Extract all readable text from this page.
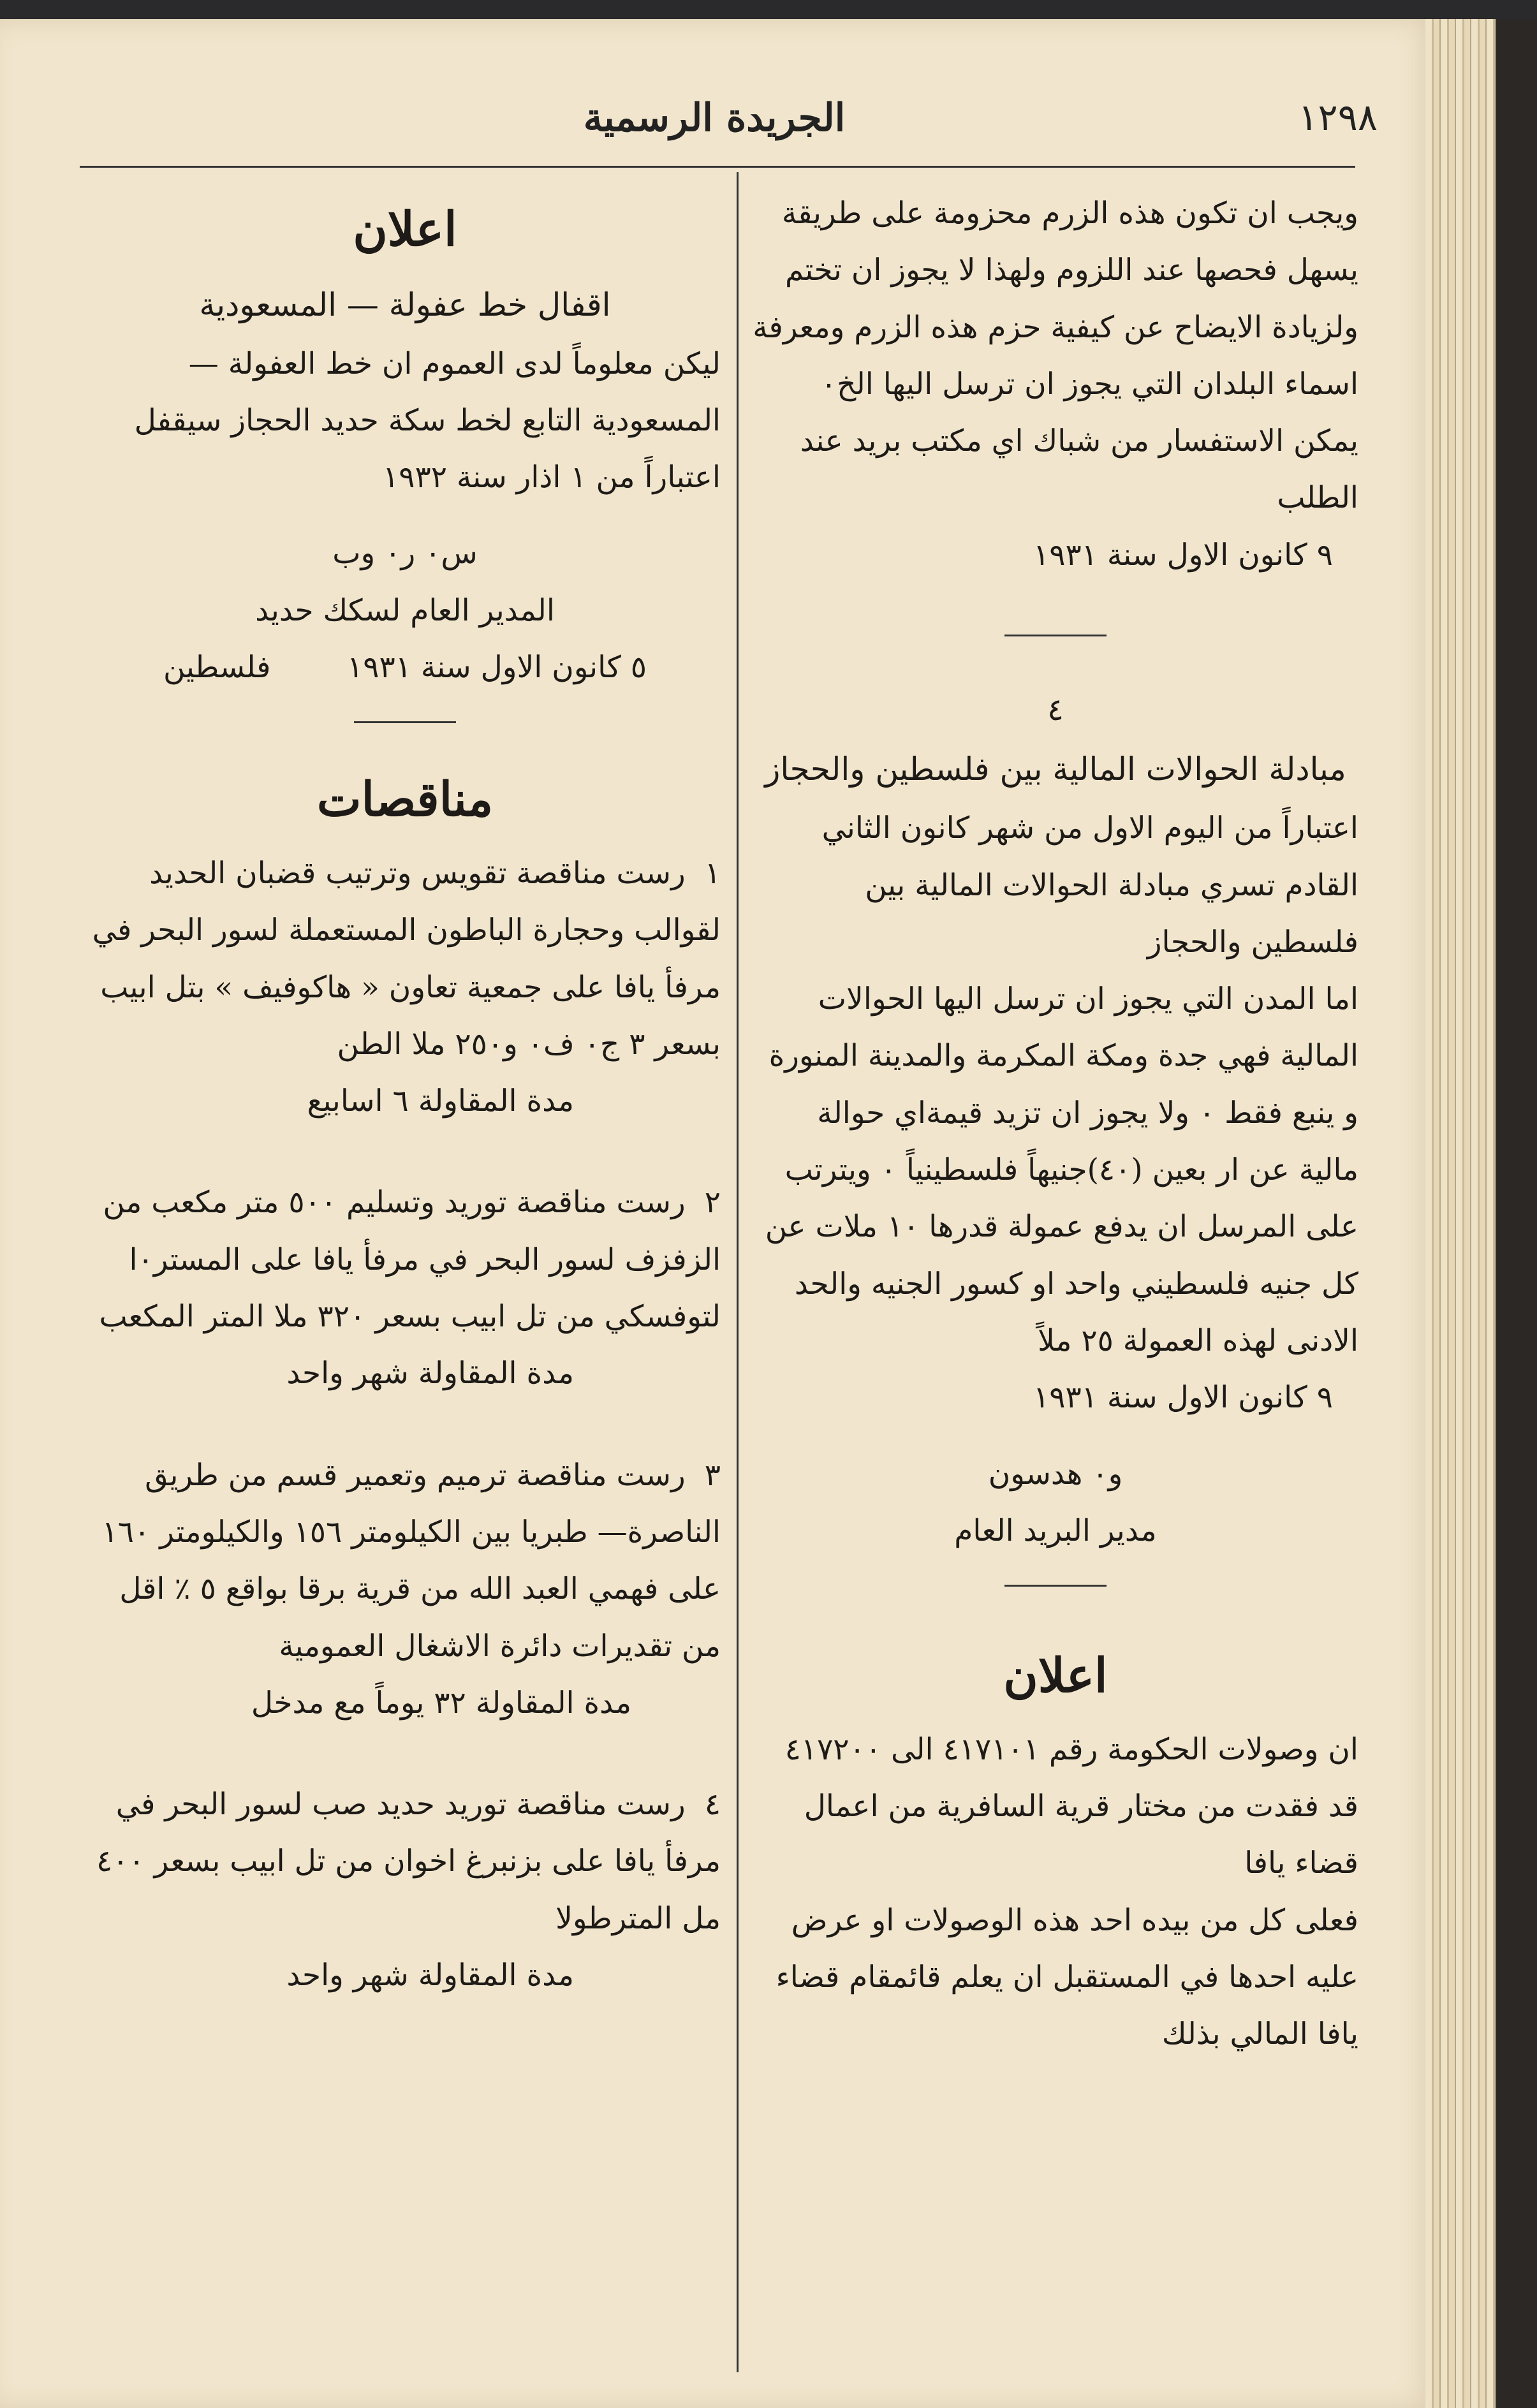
١٢٩٨
الجريدة الرسمية

ويجب ان تكون هذه الزرم محزومة على طريقة يسهل فحصها عند اللزوم ولهذا لا يجوز ان تختم

ولزيادة الايضاح عن كيفية حزم هذه الزرم ومعرفة اسماء البلدان التي يجوز ان ترسل اليها الخ٠ يمكن الاستفسار من شباك اي مكتب بريد عند الطلب

٩ كانون الاول سنة ١٩٣١

٤

مبادلة الحوالات المالية بين فلسطين والحجاز

اعتباراً من اليوم الاول من شهر كانون الثاني القادم تسري مبادلة الحوالات المالية بين فلسطين والحجاز

اما المدن التي يجوز ان ترسل اليها الحوالات المالية فهي جدة ومكة المكرمة والمدينة المنورة و ينبع فقط ٠ ولا يجوز ان تزيد قيمةاي حوالة مالية عن ار بعين (٤٠)جنيهاً فلسطينياً ٠ ويترتب على المرسل ان يدفع عمولة قدرها ١٠ ملات عن كل جنيه فلسطيني واحد او كسور الجنيه والحد الادنى لهذه العمولة ٢٥ ملاً

٩ كانون الاول سنة ١٩٣١

و٠ هدسون
مدير البريد العام

اعلان

ان وصولات الحكومة رقم ٤١٧١٠١ الى ٤١٧٢٠٠ قد فقدت من مختار قرية السافرية من اعمال قضاء يافا

فعلى كل من بيده احد هذه الوصولات او عرض عليه احدها في المستقبل ان يعلم قائمقام قضاء يافا المالي بذلك

اعلان

اقفال خط عفولة — المسعودية

ليكن معلوماً لدى العموم ان خط العفولة — المسعودية التابع لخط سكة حديد الحجاز سيقفل اعتباراً من ١ اذار سنة ١٩٣٢

س٠ ر٠ وب
المدير العام لسكك حديد
٥ كانون الاول سنة ١٩٣١        فلسطين

مناقصات

١رست مناقصة تقويس وترتيب قضبان الحديد لقوالب وحجارة الباطون المستعملة لسور البحر في مرفأ يافا على جمعية تعاون « هاكوفيف » بتل ابيب بسعر ٣ ج٠ ف٠ و٢٥٠ ملا الطن

مدة المقاولة ٦ اسابيع

٢رست مناقصة توريد وتسليم ٥٠٠ متر مكعب من الزفزف لسور البحر في مرفأ يافا على المستر٠ا لتوفسكي من تل ابيب بسعر ٣٢٠ ملا المتر المكعب

مدة المقاولة شهر واحد

٣رست مناقصة ترميم وتعمير قسم من طريق الناصرة— طبريا بين الكيلومتر ١٥٦ والكيلومتر ١٦٠ على فهمي العبد الله من قرية برقا بواقع ٥ ٪ اقل من تقديرات دائرة الاشغال العمومية

مدة المقاولة ٣٢ يوماً مع مدخل

٤رست مناقصة توريد حديد صب لسور البحر في مرفأ يافا على بزنبرغ اخوان من تل ابيب بسعر ٤٠٠ مل المترطولا

مدة المقاولة شهر واحد
